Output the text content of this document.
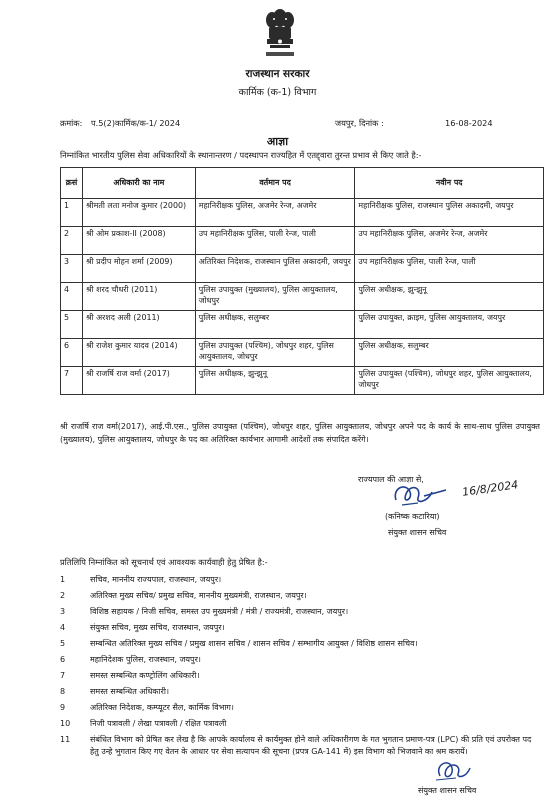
राजस्थान सरकार
कार्मिक (क-1) विभाग
क्रमांक: प.5(2)कार्मिक/क-1/ 2024	जयपुर, दिनांक :	16-08-2024
आज्ञा
निम्नांकित भारतीय पुलिस सेवा अधिकारियों के स्थानान्तरण / पदस्थापन राज्यहित में एतद्द्वारा तुरन्त प्रभाव से किए जाते है:-
क्रसं	अधिकारी का नाम	वर्तमान पद	नवीन पद
1	श्रीमती लता मनोज कुमार (2000)	महानिरीक्षक पुलिस, अजमेर रेन्ज, अजमेर	महानिरीक्षक पुलिस, राजस्थान पुलिस अकादमी, जयपुर
2	श्री ओम प्रकाश-II (2008)	उप महानिरीक्षक पुलिस, पाली रेन्ज, पाली	उप महानिरीक्षक पुलिस, अजमेर रेन्ज, अजमेर
3	श्री प्रदीप मोहन शर्मा (2009)	अतिरिक्त निदेशक, राजस्थान पुलिस अकादमी, जयपुर	उप महानिरीक्षक पुलिस, पाली रेन्ज, पाली
4	श्री शरद चौधरी (2011)	पुलिस उपायुक्त (मुख्यालय), पुलिस आयुक्तालय, जोधपुर	पुलिस अधीक्षक, झुन्झुनू
5	श्री अरशद अली (2011)	पुलिस अधीक्षक, सलुम्बर	पुलिस उपायुक्त, क्राइम, पुलिस आयुक्तालय, जयपुर
6	श्री राजेश कुमार यादव (2014)	पुलिस उपायुक्त (पश्चिम), जोधपुर शहर, पुलिस आयुक्तालय, जोधपुर	पुलिस अधीक्षक, सलुम्बर
7	श्री राजर्षि राज वर्मा (2017)	पुलिस अधीक्षक, झुन्झुनू	पुलिस उपायुक्त (पश्चिम), जोधपुर शहर, पुलिस आयुक्तालय, जोधपुर
श्री राजर्षि राज वर्मा(2017), आई.पी.एस., पुलिस उपायुक्त (पश्चिम), जोधपुर शहर, पुलिस आयुक्तालय, जोधपुर अपने पद के कार्य के साथ-साथ पुलिस उपायुक्त (मुख्यालय), पुलिस आयुक्तालय, जोधपुर के पद का अतिरिक्त कार्यभार आगामी आदेशों तक संपादित करेंगे।
राज्यपाल की आज्ञा से,	16/8/2024
(कनिष्क कटारिया)
संयुक्त शासन सचिव
प्रतिलिपि निम्नांकित को सूचनार्थ एवं आवश्यक कार्यवाही हेतु प्रेषित है:-
1	सचिव, माननीय राज्यपाल, राजस्थान, जयपुर।
2	अतिरिक्त मुख्य सचिव/ प्रमुख सचिव, माननीय मुख्यमंत्री, राजस्थान, जयपुर।
3	विशिष्ठ सहायक / निजी सचिव, समस्त उप मुख्यमंत्री / मंत्री / राज्यमंत्री, राजस्थान, जयपुर।
4	संयुक्त सचिव, मुख्य सचिव, राजस्थान, जयपुर।
5	सम्बन्धित अतिरिक्त मुख्य सचिव / प्रमुख शासन सचिव / शासन सचिव / सम्भागीय आयुक्त / विशिष्ठ शासन सचिव।
6	महानिदेशक पुलिस, राजस्थान, जयपुर।
7	समस्त सम्बन्धित कण्ट्रोलिंग अधिकारी।
8	समस्त सम्बन्धित अधिकारी।
9	अतिरिक्त निदेशक, कम्प्यूटर सैल, कार्मिक विभाग।
10	निजी पत्रावली / लेखा पत्रावली / रक्षित पत्रावली
11	संबंधित विभाग को प्रेषित कर लेख है कि आपके कार्यालय से कार्यमुक्त होने वाले अधिकारीगण के गत भुगतान प्रमाण-पत्र (LPC) की प्रति एवं उपरोक्त पद हेतु उन्हे भुगतान किए गए वेतन के आधार पर सेवा सत्यापन की सूचना (प्रपत्र GA-141 में) इस विभाग को भिजवाने का श्रम करायें।
संयुक्त शासन सचिव
